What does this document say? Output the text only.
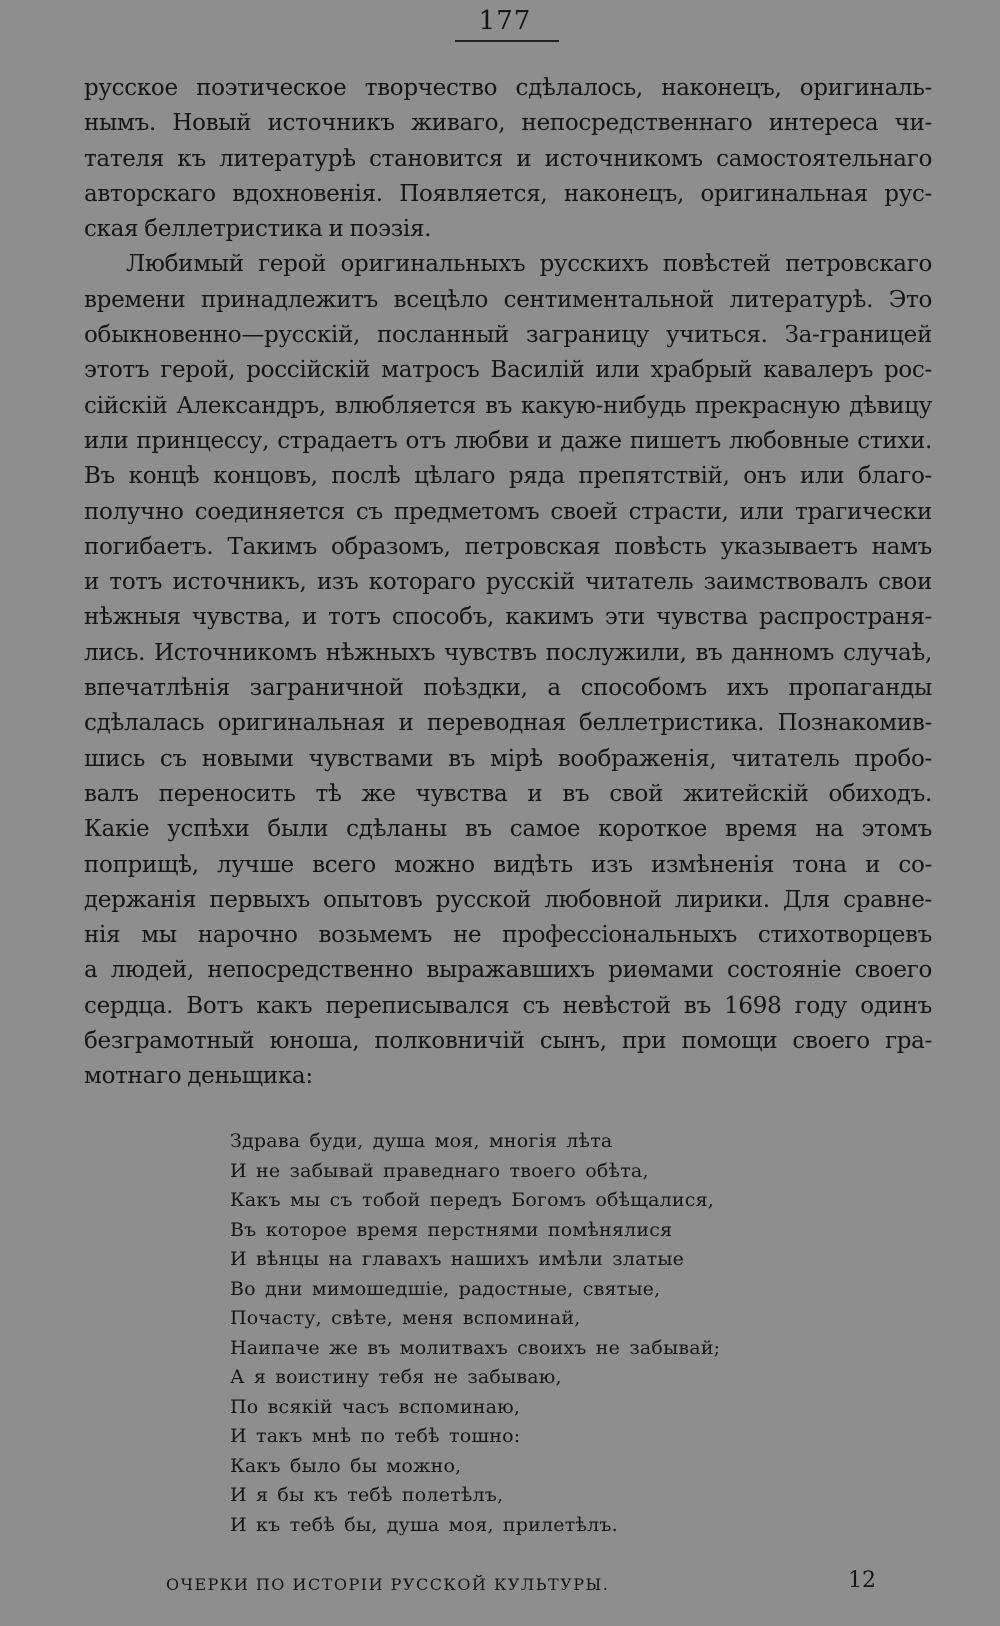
177

русское поэтическое творчество сдѣлалось, наконецъ, оригиналь-
нымъ. Новый источникъ живаго, непосредственнаго интереса чи-
тателя къ литературѣ становится и источникомъ самостоятельнаго
авторскаго вдохновенія. Появляется, наконецъ, оригинальная рус-
ская беллетристика и поэзія.

Любимый герой оригинальныхъ русскихъ повѣстей петровскаго
времени принадлежитъ всецѣло сентиментальной литературѣ. Это
обыкновенно—русскій, посланный заграницу учиться. За-границей
этотъ герой, россійскій матросъ Василій или храбрый кавалеръ рос-
сійскій Александръ, влюбляется въ какую-нибудь прекрасную дѣвицу
или принцессу, страдаетъ отъ любви и даже пишетъ любовные стихи.
Въ концѣ концовъ, послѣ цѣлаго ряда препятствій, онъ или благо-
получно соединяется съ предметомъ своей страсти, или трагически
погибаетъ. Такимъ образомъ, петровская повѣсть указываетъ намъ
и тотъ источникъ, изъ котораго русскій читатель заимствовалъ свои
нѣжныя чувства, и тотъ способъ, какимъ эти чувства распространя-
лись. Источникомъ нѣжныхъ чувствъ послужили, въ данномъ случаѣ,
впечатлѣнія заграничной поѣздки, а способомъ ихъ пропаганды
сдѣлалась оригинальная и переводная беллетристика. Познакомив-
шись съ новыми чувствами въ мірѣ воображенія, читатель пробо-
валъ переносить тѣ же чувства и въ свой житейскій обиходъ.
Какіе успѣхи были сдѣланы въ самое короткое время на этомъ
поприщѣ, лучше всего можно видѣть изъ измѣненія тона и со-
держанія первыхъ опытовъ русской любовной лирики. Для сравне-
нія мы нарочно возьмемъ не профессіональныхъ стихотворцевъ
а людей, непосредственно выражавшихъ риѳмами состояніе своего
сердца. Вотъ какъ переписывался съ невѣстой въ 1698 году одинъ
безграмотный юноша, полковничій сынъ, при помощи своего гра-
мотнаго деньщика:

Здрава буди, душа моя, многія лѣта
И не забывай праведнаго твоего обѣта,
Какъ мы съ тобой передъ Богомъ обѣщалися,
Въ которое время перстнями помѣнялися
И вѣнцы на главахъ нашихъ имѣли златые
Во дни мимошедшіе, радостные, святые,
Почасту, свѣте, меня вспоминай,
Наипаче же въ молитвахъ своихъ не забывай;
А я воистину тебя не забываю,
По всякій часъ вспоминаю,
И такъ мнѣ по тебѣ тошно:
Какъ было бы можно,
И я бы къ тебѣ полетѣлъ,
И къ тебѣ бы, душа моя, прилетѣлъ.
ОЧЕРКИ ПО ИСТОРІИ РУССКОЙ КУЛЬТУРЫ.	12
